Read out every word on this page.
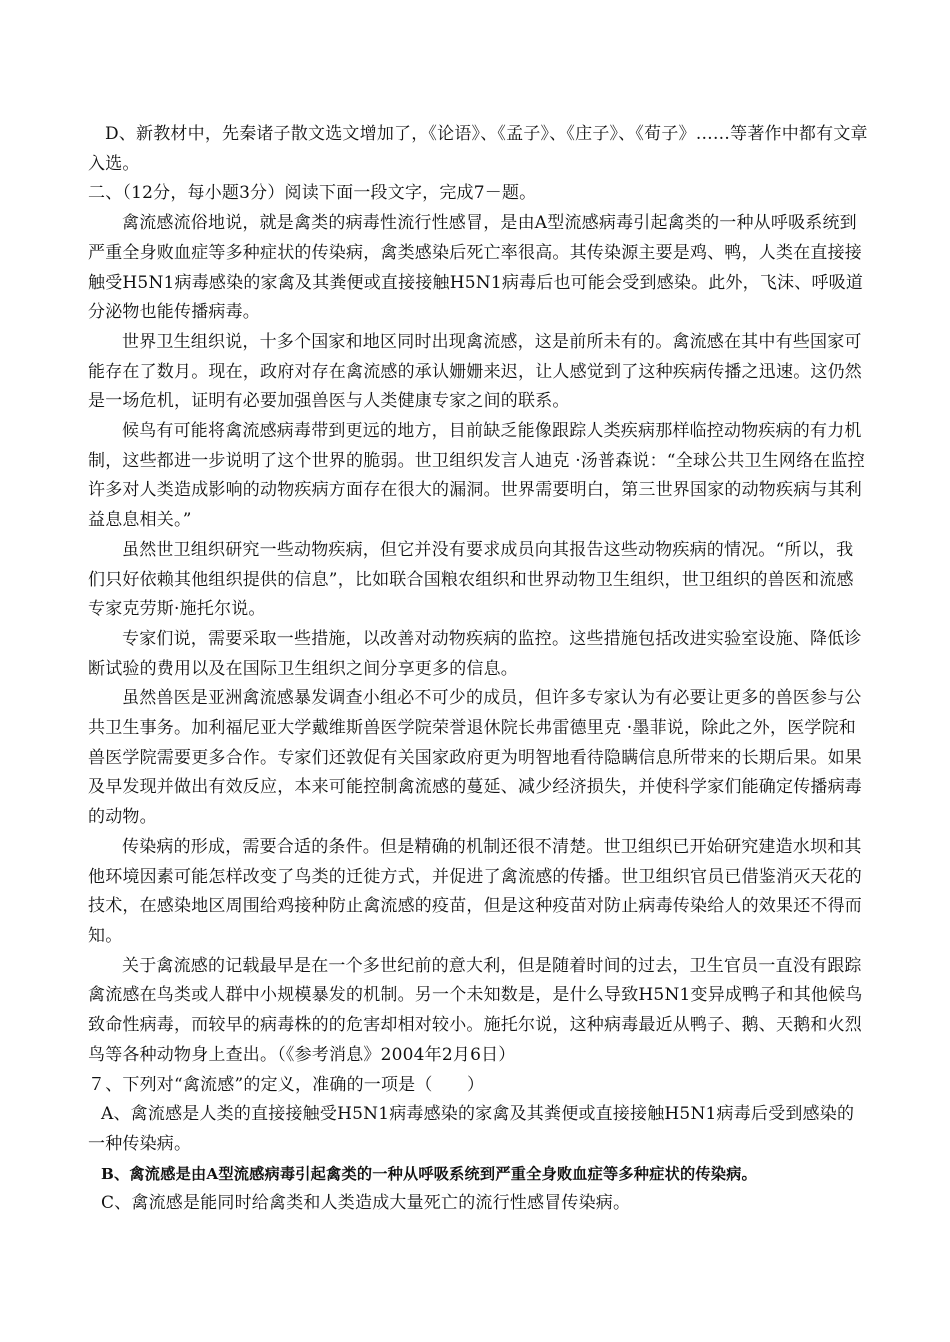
D、新教材中，先秦诸子散文选文增加了，《论语》、《孟子》、《庄子》、《荀子》……等著作中都有文章入选。

二、（12分，每小题3分）阅读下面一段文字，完成7－题。

禽流感流俗地说，就是禽类的病毒性流行性感冒，是由A型流感病毒引起禽类的一种从呼吸系统到严重全身败血症等多种症状的传染病，禽类感染后死亡率很高。其传染源主要是鸡、鸭，人类在直接接触受H5N1病毒感染的家禽及其粪便或直接接触H5N1病毒后也可能会受到感染。此外，飞沫、呼吸道分泌物也能传播病毒。

世界卫生组织说，十多个国家和地区同时出现禽流感，这是前所未有的。禽流感在其中有些国家可能存在了数月。现在，政府对存在禽流感的承认姗姗来迟，让人感觉到了这种疾病传播之迅速。这仍然是一场危机，证明有必要加强兽医与人类健康专家之间的联系。

候鸟有可能将禽流感病毒带到更远的地方，目前缺乏能像跟踪人类疾病那样临控动物疾病的有力机制，这些都进一步说明了这个世界的脆弱。世卫组织发言人迪克 ·汤普森说：“全球公共卫生网络在监控许多对人类造成影响的动物疾病方面存在很大的漏洞。世界需要明白，第三世界国家的动物疾病与其利益息息相关。”

虽然世卫组织研究一些动物疾病，但它并没有要求成员向其报告这些动物疾病的情况。“所以，我们只好依赖其他组织提供的信息”，比如联合国粮农组织和世界动物卫生组织，世卫组织的兽医和流感专家克劳斯·施托尔说。

专家们说，需要采取一些措施，以改善对动物疾病的监控。这些措施包括改进实验室设施、降低诊断试验的费用以及在国际卫生组织之间分享更多的信息。

虽然兽医是亚洲禽流感暴发调查小组必不可少的成员，但许多专家认为有必要让更多的兽医参与公共卫生事务。加利福尼亚大学戴维斯兽医学院荣誉退休院长弗雷德里克 ·墨菲说，除此之外，医学院和兽医学院需要更多合作。专家们还敦促有关国家政府更为明智地看待隐瞒信息所带来的长期后果。如果及早发现并做出有效反应，本来可能控制禽流感的蔓延、减少经济损失，并使科学家们能确定传播病毒的动物。

传染病的形成，需要合适的条件。但是精确的机制还很不清楚。世卫组织已开始研究建造水坝和其他环境因素可能怎样改变了鸟类的迁徙方式，并促进了禽流感的传播。世卫组织官员已借鉴消灭天花的技术，在感染地区周围给鸡接种防止禽流感的疫苗，但是这种疫苗对防止病毒传染给人的效果还不得而知。

关于禽流感的记载最早是在一个多世纪前的意大利，但是随着时间的过去，卫生官员一直没有跟踪禽流感在鸟类或人群中小规模暴发的机制。另一个未知数是，是什么导致H5N1变异成鸭子和其他候鸟致命性病毒，而较早的病毒株的的危害却相对较小。施托尔说，这种病毒最近从鸭子、鹅、天鹅和火烈鸟等各种动物身上查出。（《参考消息》2004年2月6日）

７、下列对“禽流感”的定义，准确的一项是（　　）

A、禽流感是人类的直接接触受H5N1病毒感染的家禽及其粪便或直接接触H5N1病毒后受到感染的一种传染病。

B、禽流感是由A型流感病毒引起禽类的一种从呼吸系统到严重全身败血症等多种症状的传染病。

C、禽流感是能同时给禽类和人类造成大量死亡的流行性感冒传染病。
